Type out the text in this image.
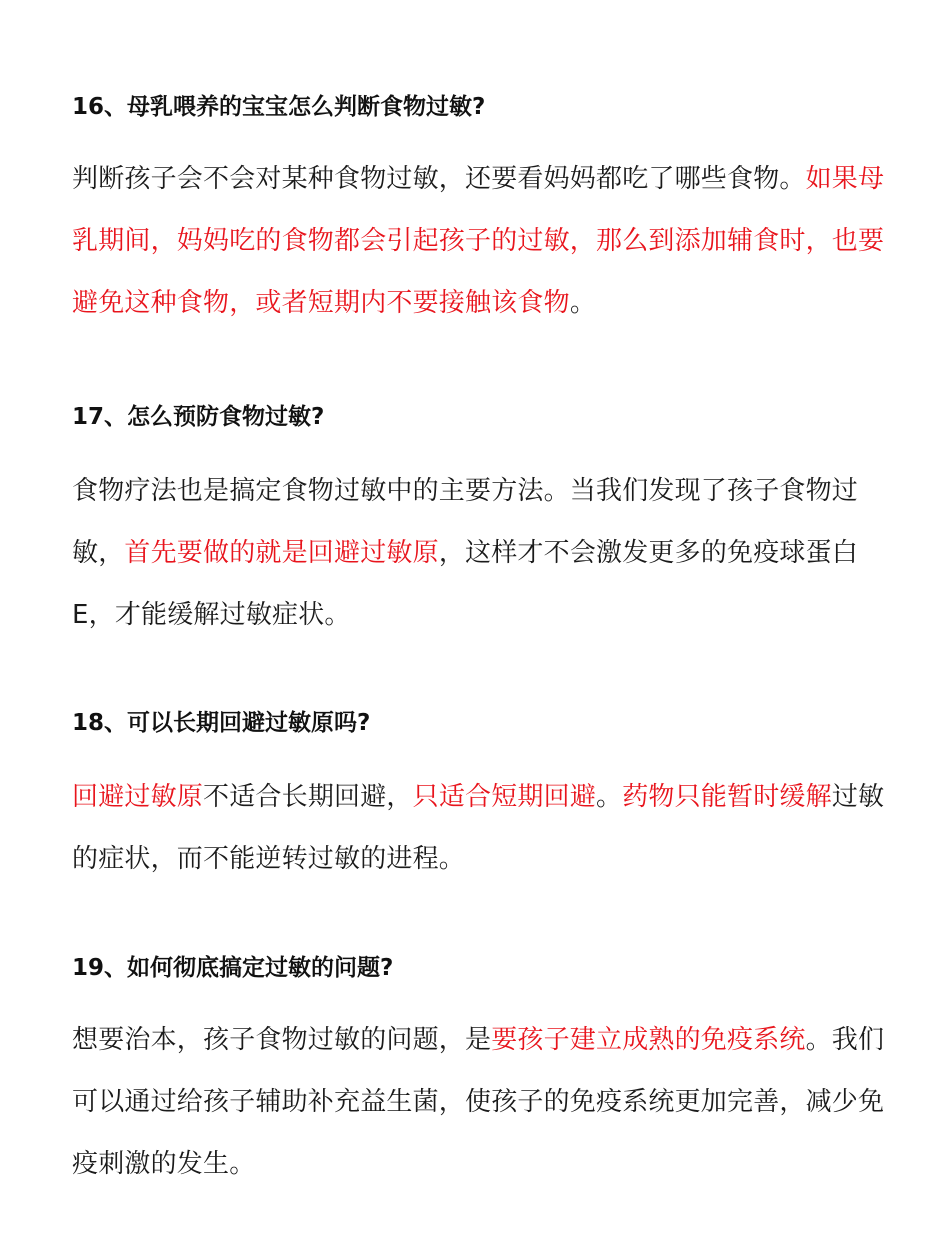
16、母乳喂养的宝宝怎么判断食物过敏?

判断孩子会不会对某种食物过敏，还要看妈妈都吃了哪些食物。如果母乳期间，妈妈吃的食物都会引起孩子的过敏，那么到添加辅食时，也要避免这种食物，或者短期内不要接触该食物。

17、怎么预防食物过敏?

食物疗法也是搞定食物过敏中的主要方法。当我们发现了孩子食物过敏，首先要做的就是回避过敏原，这样才不会激发更多的免疫球蛋白E，才能缓解过敏症状。

18、可以长期回避过敏原吗?

回避过敏原不适合长期回避，只适合短期回避。药物只能暂时缓解过敏的症状，而不能逆转过敏的进程。

19、如何彻底搞定过敏的问题?

想要治本，孩子食物过敏的问题，是要孩子建立成熟的免疫系统。我们可以通过给孩子辅助补充益生菌，使孩子的免疫系统更加完善，减少免疫刺激的发生。
